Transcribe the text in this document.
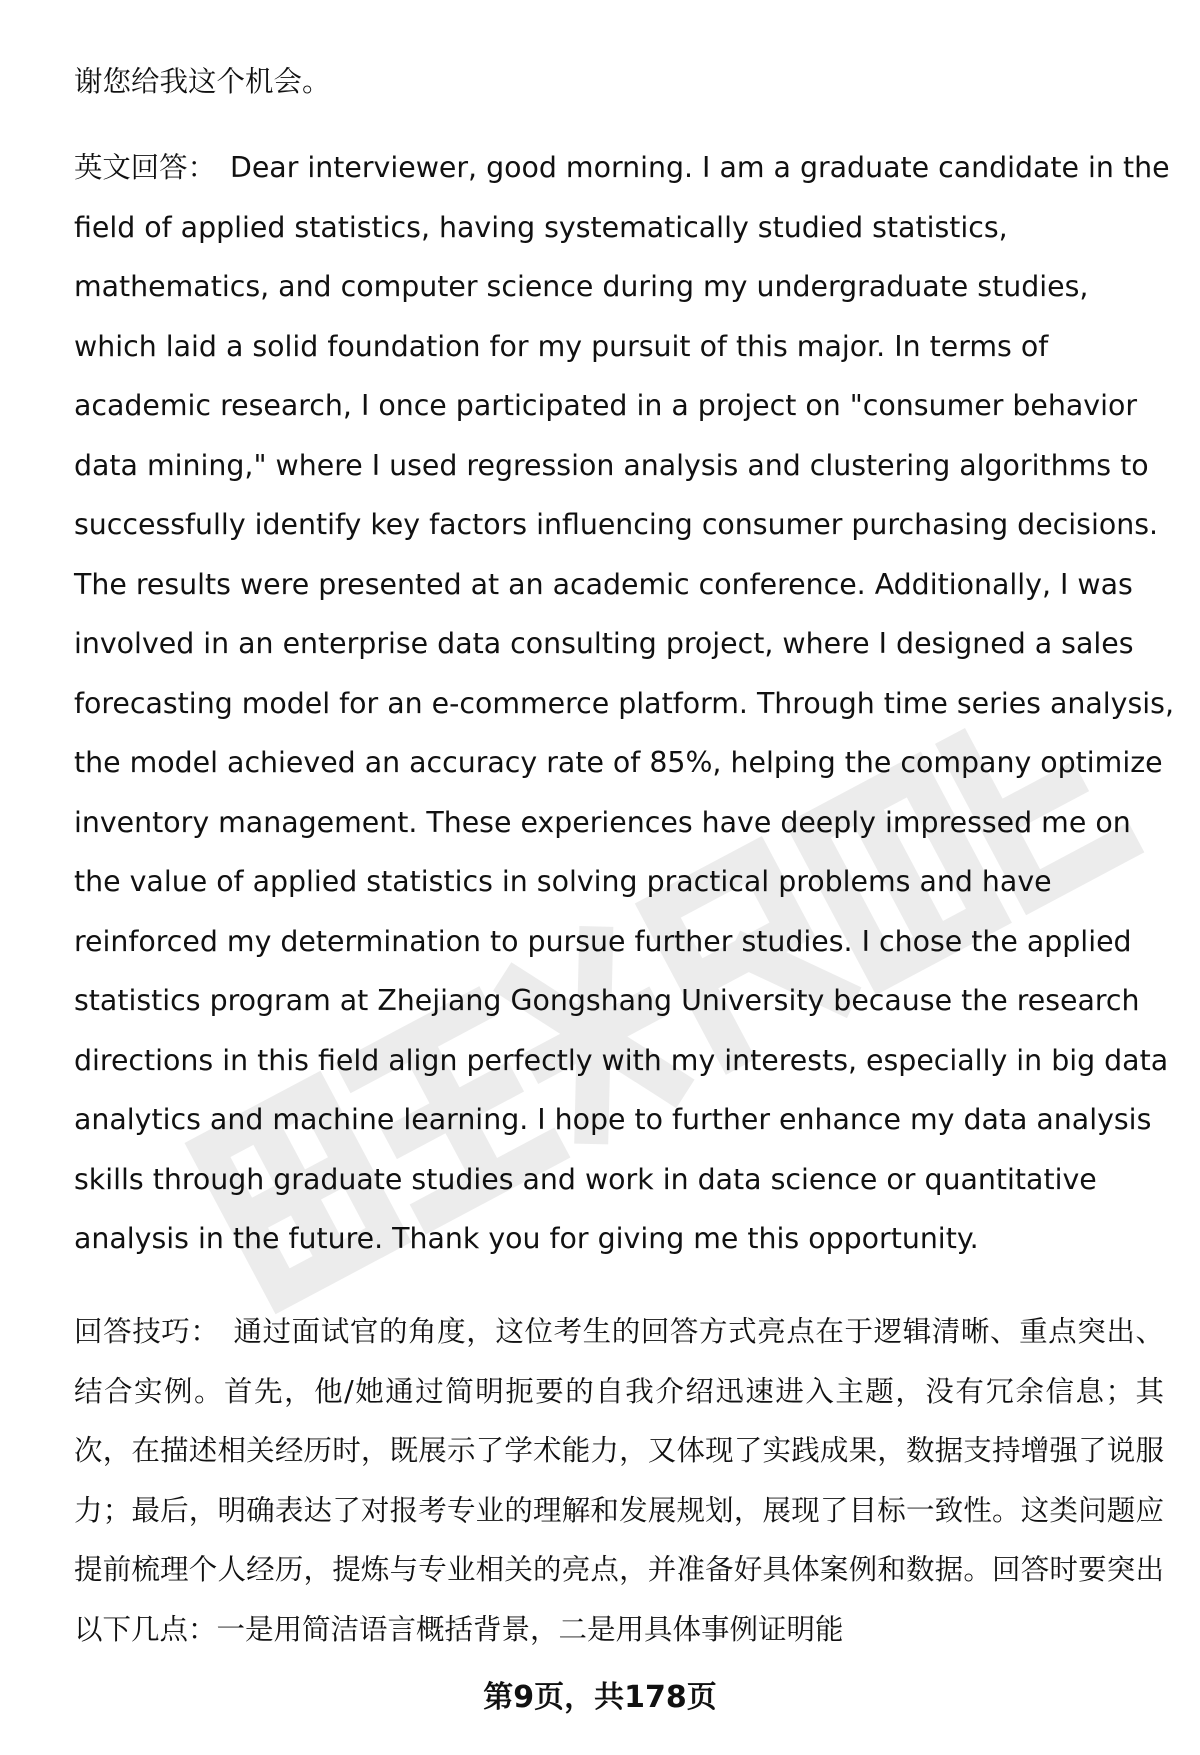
谢您给我这个机会。

英文回答： Dear interviewer, good morning. I am a graduate candidate in the field of applied statistics, having systematically studied statistics, mathematics, and computer science during my undergraduate studies, which laid a solid foundation for my pursuit of this major. In terms of academic research, I once participated in a project on "consumer behavior data mining," where I used regression analysis and clustering algorithms to successfully identify key factors influencing consumer purchasing decisions. The results were presented at an academic conference. Additionally, I was involved in an enterprise data consulting project, where I designed a sales forecasting model for an e-commerce platform. Through time series analysis, the model achieved an accuracy rate of 85%, helping the company optimize inventory management. These experiences have deeply impressed me on the value of applied statistics in solving practical problems and have reinforced my determination to pursue further studies. I chose the applied statistics program at Zhejiang Gongshang University because the research directions in this field align perfectly with my interests, especially in big data analytics and machine learning. I hope to further enhance my data analysis skills through graduate studies and work in data science or quantitative analysis in the future. Thank you for giving me this opportunity.

回答技巧： 通过面试官的角度，这位考生的回答方式亮点在于逻辑清晰、重点突出、结合实例。首先，他/她通过简明扼要的自我介绍迅速进入主题，没有冗余信息；其次，在描述相关经历时，既展示了学术能力，又体现了实践成果，数据支持增强了说服力；最后，明确表达了对报考专业的理解和发展规划，展现了目标一致性。这类问题应提前梳理个人经历，提炼与专业相关的亮点，并准备好具体案例和数据。回答时要突出以下几点：一是用简洁语言概括背景，二是用具体事例证明能

第9页，共178页
